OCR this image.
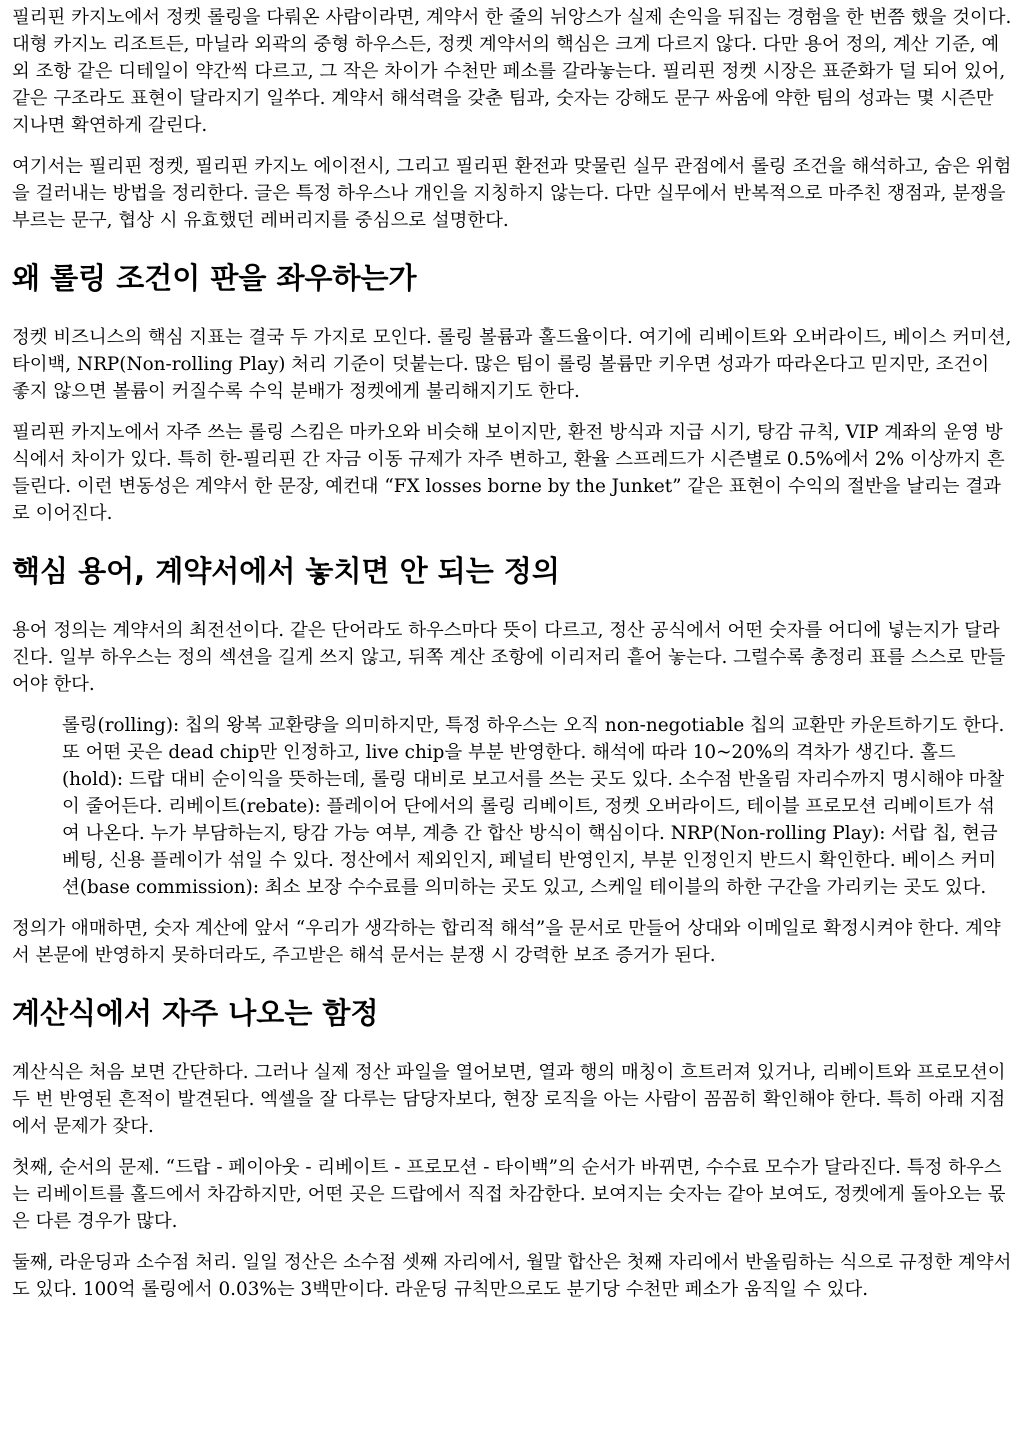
필리핀 카지노에서 정켓 롤링을 다뤄온 사람이라면, 계약서 한 줄의 뉘앙스가 실제 손익을 뒤집는 경험을 한 번쯤 했을 것이다. 대형 카지노 리조트든, 마닐라 외곽의 중형 하우스든, 정켓 계약서의 핵심은 크게 다르지 않다. 다만 용어 정의, 계산 기준, 예외 조항 같은 디테일이 약간씩 다르고, 그 작은 차이가 수천만 페소를 갈라놓는다. 필리핀 정켓 시장은 표준화가 덜 되어 있어, 같은 구조라도 표현이 달라지기 일쑤다. 계약서 해석력을 갖춘 팀과, 숫자는 강해도 문구 싸움에 약한 팀의 성과는 몇 시즌만 지나면 확연하게 갈린다.

여기서는 필리핀 정켓, 필리핀 카지노 에이전시, 그리고 필리핀 환전과 맞물린 실무 관점에서 롤링 조건을 해석하고, 숨은 위험을 걸러내는 방법을 정리한다. 글은 특정 하우스나 개인을 지칭하지 않는다. 다만 실무에서 반복적으로 마주친 쟁점과, 분쟁을 부르는 문구, 협상 시 유효했던 레버리지를 중심으로 설명한다.

왜 롤링 조건이 판을 좌우하는가

정켓 비즈니스의 핵심 지표는 결국 두 가지로 모인다. 롤링 볼륨과 홀드율이다. 여기에 리베이트와 오버라이드, 베이스 커미션, 타이백, NRP(Non-rolling Play) 처리 기준이 덧붙는다. 많은 팀이 롤링 볼륨만 키우면 성과가 따라온다고 믿지만, 조건이 좋지 않으면 볼륨이 커질수록 수익 분배가 정켓에게 불리해지기도 한다.

필리핀 카지노에서 자주 쓰는 롤링 스킴은 마카오와 비슷해 보이지만, 환전 방식과 지급 시기, 탕감 규칙, VIP 계좌의 운영 방식에서 차이가 있다. 특히 한-필리핀 간 자금 이동 규제가 자주 변하고, 환율 스프레드가 시즌별로 0.5%에서 2% 이상까지 흔들린다. 이런 변동성은 계약서 한 문장, 예컨대 “FX losses borne by the Junket” 같은 표현이 수익의 절반을 날리는 결과로 이어진다.

핵심 용어, 계약서에서 놓치면 안 되는 정의

용어 정의는 계약서의 최전선이다. 같은 단어라도 하우스마다 뜻이 다르고, 정산 공식에서 어떤 숫자를 어디에 넣는지가 달라진다. 일부 하우스는 정의 섹션을 길게 쓰지 않고, 뒤쪽 계산 조항에 이리저리 흩어 놓는다. 그럴수록 총정리 표를 스스로 만들어야 한다.

롤링(rolling): 칩의 왕복 교환량을 의미하지만, 특정 하우스는 오직 non-negotiable 칩의 교환만 카운트하기도 한다. 또 어떤 곳은 dead chip만 인정하고, live chip을 부분 반영한다. 해석에 따라 10~20%의 격차가 생긴다. 홀드(hold): 드랍 대비 순이익을 뜻하는데, 롤링 대비로 보고서를 쓰는 곳도 있다. 소수점 반올림 자리수까지 명시해야 마찰이 줄어든다. 리베이트(rebate): 플레이어 단에서의 롤링 리베이트, 정켓 오버라이드, 테이블 프로모션 리베이트가 섞여 나온다. 누가 부담하는지, 탕감 가능 여부, 계층 간 합산 방식이 핵심이다. NRP(Non-rolling Play): 서랍 칩, 현금 베팅, 신용 플레이가 섞일 수 있다. 정산에서 제외인지, 페널티 반영인지, 부분 인정인지 반드시 확인한다. 베이스 커미션(base commission): 최소 보장 수수료를 의미하는 곳도 있고, 스케일 테이블의 하한 구간을 가리키는 곳도 있다.

정의가 애매하면, 숫자 계산에 앞서 “우리가 생각하는 합리적 해석”을 문서로 만들어 상대와 이메일로 확정시켜야 한다. 계약서 본문에 반영하지 못하더라도, 주고받은 해석 문서는 분쟁 시 강력한 보조 증거가 된다.

계산식에서 자주 나오는 함정

계산식은 처음 보면 간단하다. 그러나 실제 정산 파일을 열어보면, 열과 행의 매칭이 흐트러져 있거나, 리베이트와 프로모션이 두 번 반영된 흔적이 발견된다. 엑셀을 잘 다루는 담당자보다, 현장 로직을 아는 사람이 꼼꼼히 확인해야 한다. 특히 아래 지점에서 문제가 잦다.

첫째, 순서의 문제. “드랍 - 페이아웃 - 리베이트 - 프로모션 - 타이백”의 순서가 바뀌면, 수수료 모수가 달라진다. 특정 하우스는 리베이트를 홀드에서 차감하지만, 어떤 곳은 드랍에서 직접 차감한다. 보여지는 숫자는 같아 보여도, 정켓에게 돌아오는 몫은 다른 경우가 많다.

둘째, 라운딩과 소수점 처리. 일일 정산은 소수점 셋째 자리에서, 월말 합산은 첫째 자리에서 반올림하는 식으로 규정한 계약서도 있다. 100억 롤링에서 0.03%는 3백만이다. 라운딩 규칙만으로도 분기당 수천만 페소가 움직일 수 있다.
